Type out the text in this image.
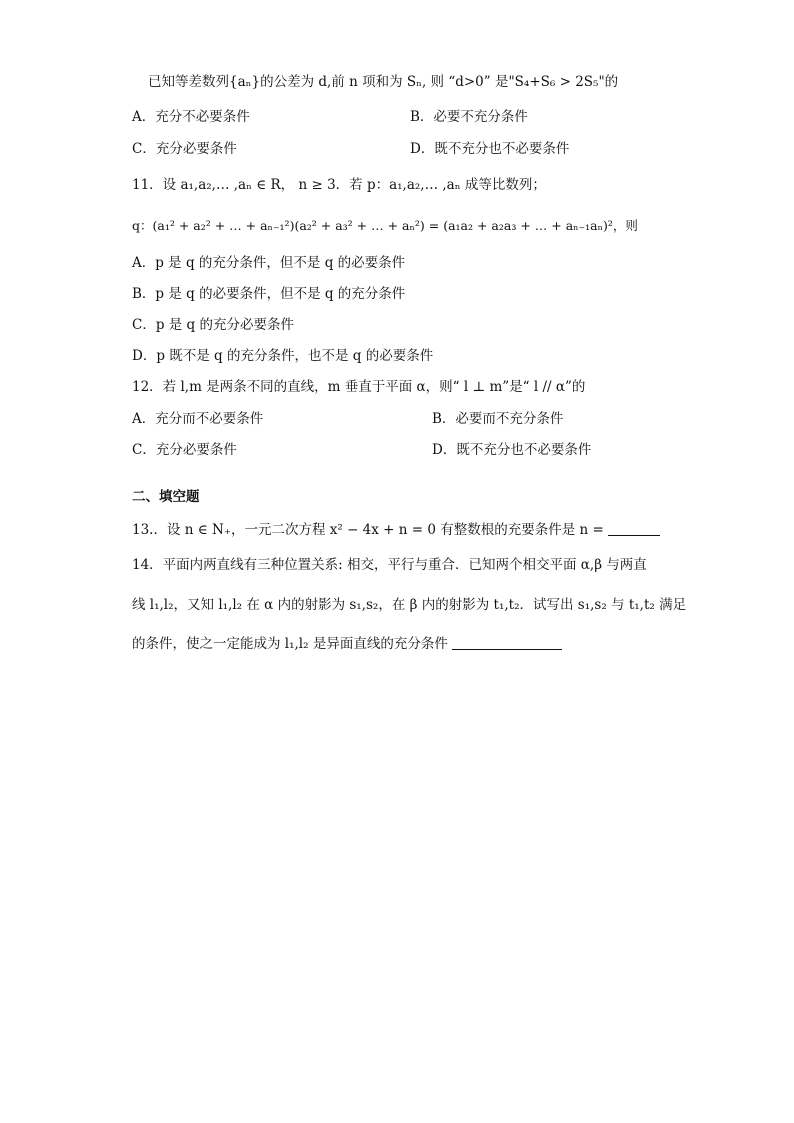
已知等差数列{aₙ}的公差为 d,前 n 项和为 Sₙ, 则 “d>0” 是"S₄+S₆ > 2S₅"的
A．充分不必要条件	B．必要不充分条件
C．充分必要条件	D．既不充分也不必要条件
11．设 a₁,a₂,… ,aₙ ∈ R， n ≥ 3．若 p：a₁,a₂,… ,aₙ 成等比数列；
q：(a₁² + a₂² + … + aₙ₋₁²)(a₂² + a₃² + … + aₙ²) = (a₁a₂ + a₂a₃ + … + aₙ₋₁aₙ)²，则
A．p 是 q 的充分条件，但不是 q 的必要条件
B．p 是 q 的必要条件，但不是 q 的充分条件
C．p 是 q 的充分必要条件
D．p 既不是 q 的充分条件，也不是 q 的必要条件
12．若 l,m 是两条不同的直线，m 垂直于平面 α，则“ l ⊥ m”是“ l // α”的
A．充分而不必要条件	B．必要而不充分条件
C．充分必要条件	D．既不充分也不必要条件
二、填空题
13.．设 n ∈ N₊，一元二次方程 x² − 4x + n = 0 有整数根的充要条件是 n =
14．平面内两直线有三种位置关系: 相交，平行与重合．已知两个相交平面 α,β 与两直
线 l₁,l₂，又知 l₁,l₂ 在 α 内的射影为 s₁,s₂，在 β 内的射影为 t₁,t₂．试写出 s₁,s₂ 与 t₁,t₂ 满足
的条件，使之一定能成为 l₁,l₂ 是异面直线的充分条件
